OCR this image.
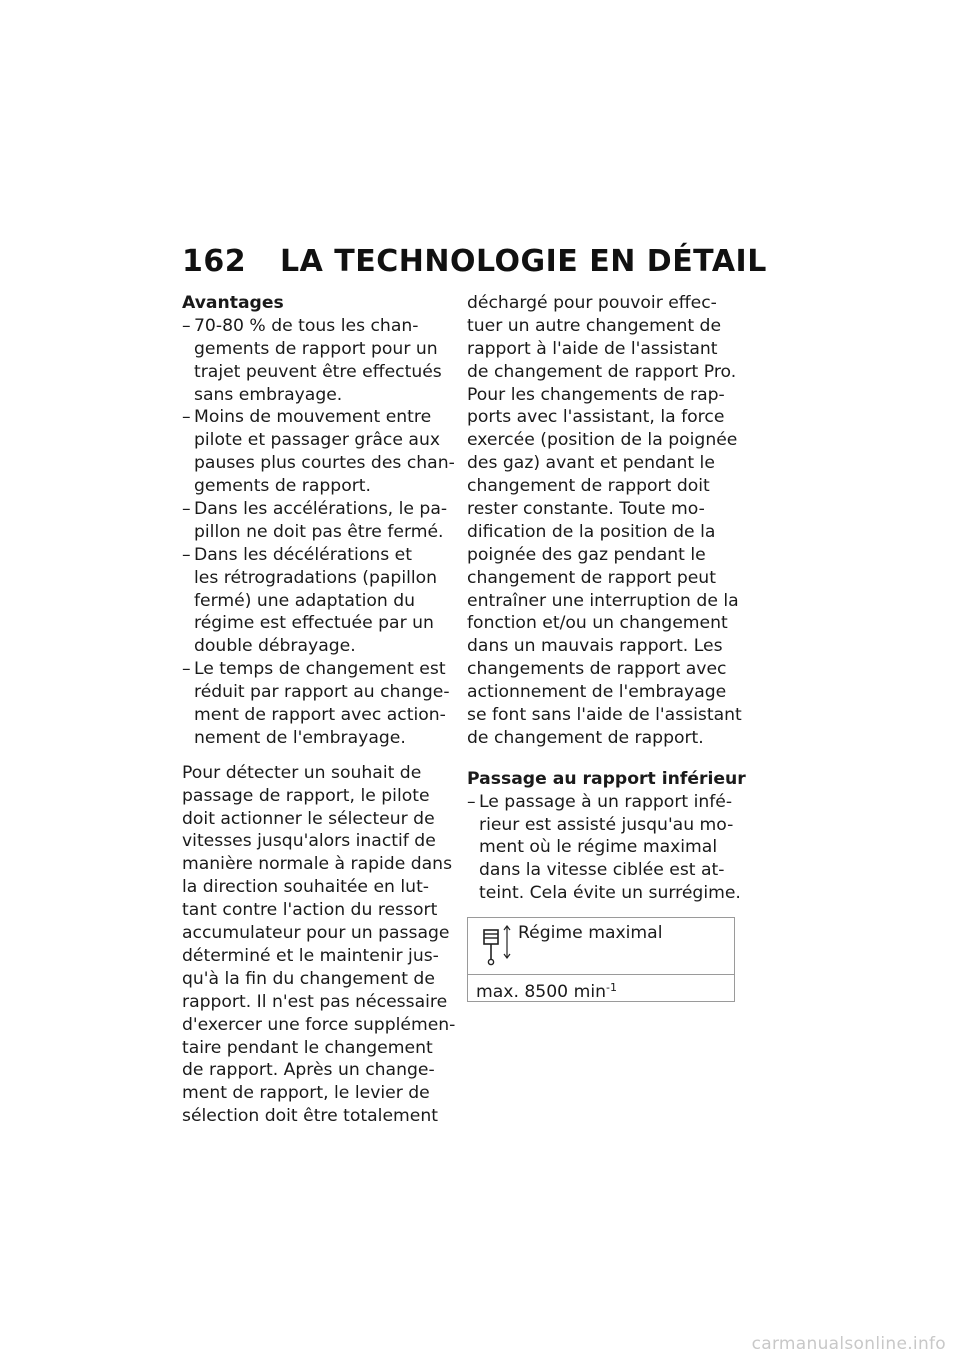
162 LA TECHNOLOGIE EN DÉTAIL
Avantages
– 70-80 % de tous les chan-
gements de rapport pour un
trajet peuvent être effectués
sans embrayage.
– Moins de mouvement entre
pilote et passager grâce aux
pauses plus courtes des chan-
gements de rapport.
– Dans les accélérations, le pa-
pillon ne doit pas être fermé.
– Dans les décélérations et
les rétrogradations (papillon
fermé) une adaptation du
régime est effectuée par un
double débrayage.
– Le temps de changement est
réduit par rapport au change-
ment de rapport avec action-
nement de l'embrayage.
Pour détecter un souhait de
passage de rapport, le pilote
doit actionner le sélecteur de
vitesses jusqu'alors inactif de
manière normale à rapide dans
la direction souhaitée en lut-
tant contre l'action du ressort
accumulateur pour un passage
déterminé et le maintenir jus-
qu'à la fin du changement de
rapport. Il n'est pas nécessaire
d'exercer une force supplémen-
taire pendant le changement
de rapport. Après un change-
ment de rapport, le levier de
sélection doit être totalement
déchargé pour pouvoir effec-
tuer un autre changement de
rapport à l'aide de l'assistant
de changement de rapport Pro.
Pour les changements de rap-
ports avec l'assistant, la force
exercée (position de la poignée
des gaz) avant et pendant le
changement de rapport doit
rester constante. Toute mo-
dification de la position de la
poignée des gaz pendant le
changement de rapport peut
entraîner une interruption de la
fonction et/ou un changement
dans un mauvais rapport. Les
changements de rapport avec
actionnement de l'embrayage
se font sans l'aide de l'assistant
de changement de rapport.
Passage au rapport inférieur
– Le passage à un rapport infé-
rieur est assisté jusqu'au mo-
ment où le régime maximal
dans la vitesse ciblée est at-
teint. Cela évite un surrégime.
Régime maximal
max. 8500 $\min^{-1}$
carmanualsonline.info
